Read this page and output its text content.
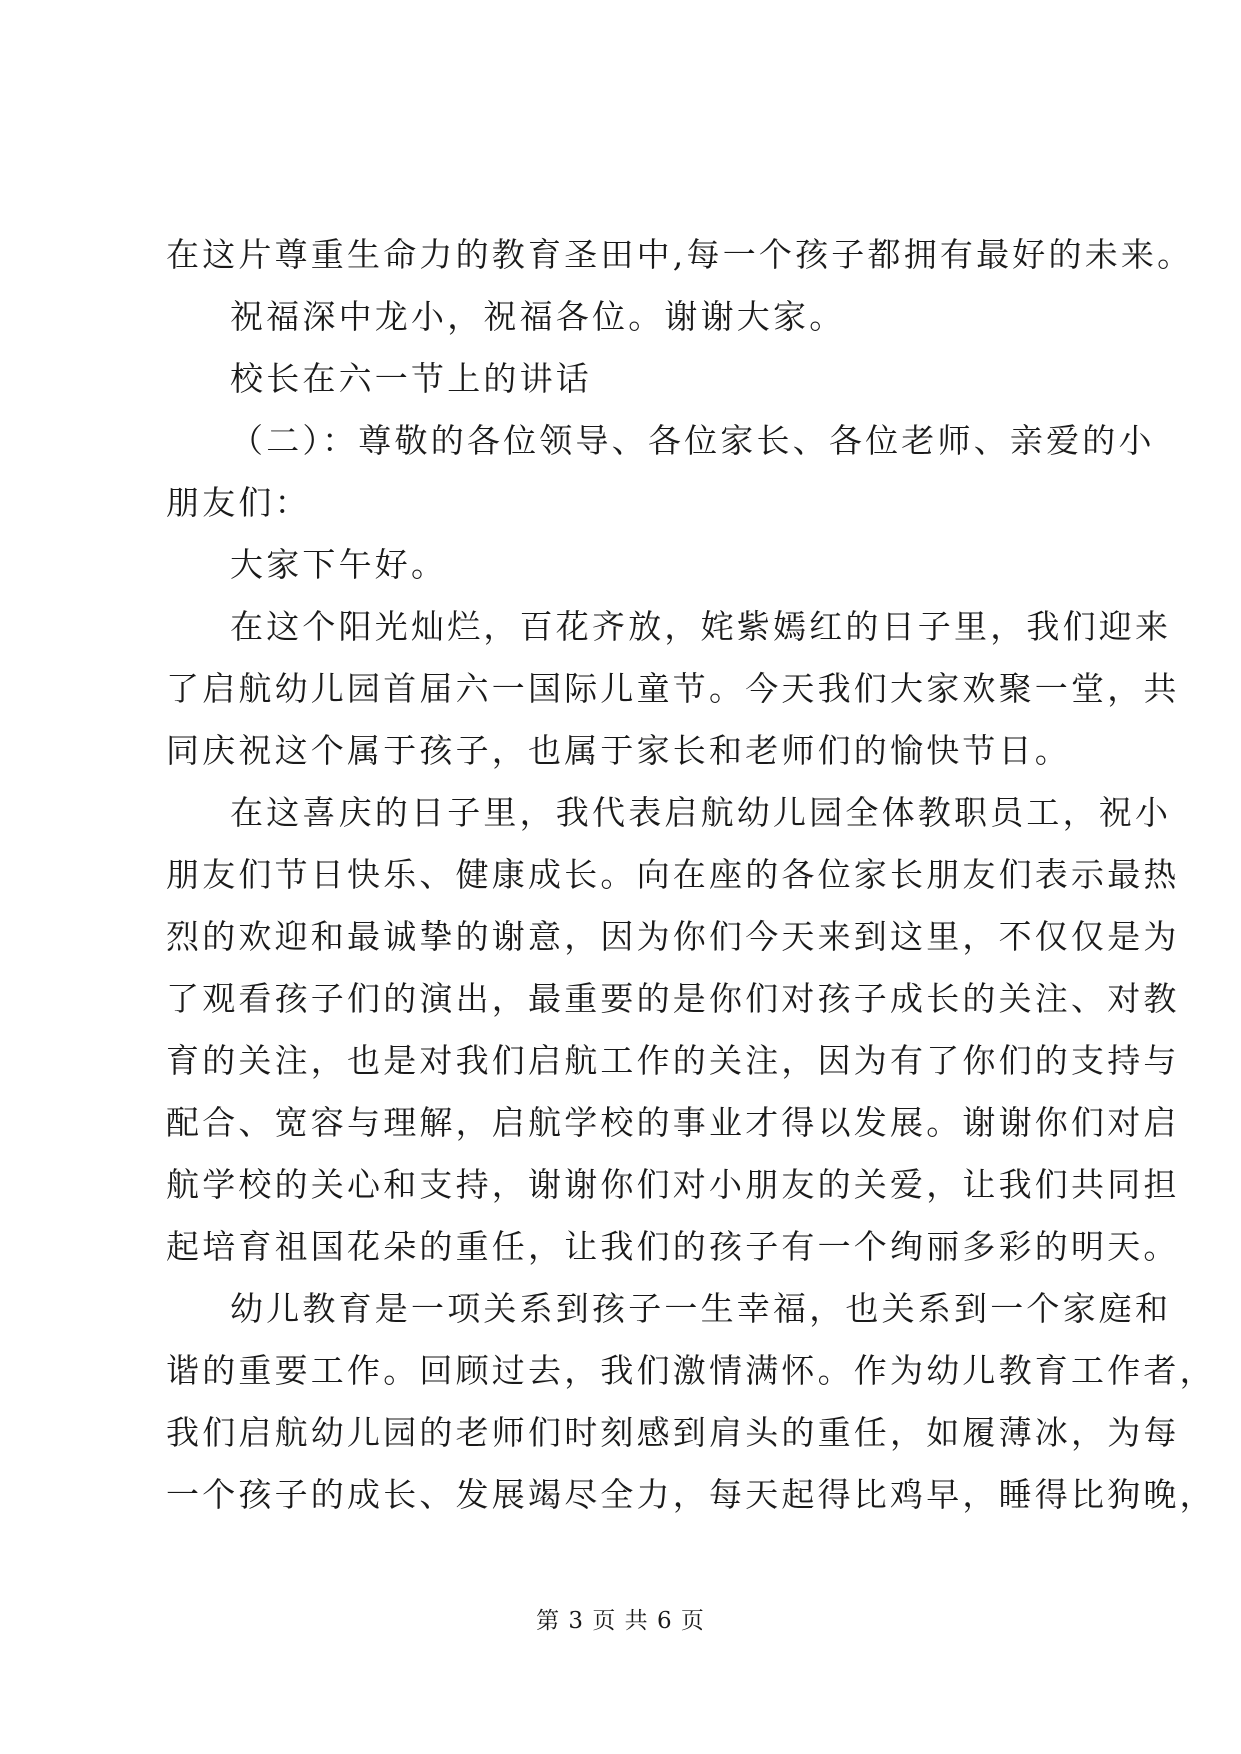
在这片尊重生命力的教育圣田中,每一个孩子都拥有最好的未来。

祝福深中龙小，祝福各位。谢谢大家。

校长在六一节上的讲话

（二）：尊敬的各位领导、各位家长、各位老师、亲爱的小

朋友们：

大家下午好。

在这个阳光灿烂，百花齐放，姹紫嫣红的日子里，我们迎来

了启航幼儿园首届六一国际儿童节。今天我们大家欢聚一堂，共

同庆祝这个属于孩子，也属于家长和老师们的愉快节日。

在这喜庆的日子里，我代表启航幼儿园全体教职员工，祝小

朋友们节日快乐、健康成长。向在座的各位家长朋友们表示最热

烈的欢迎和最诚挚的谢意，因为你们今天来到这里，不仅仅是为

了观看孩子们的演出，最重要的是你们对孩子成长的关注、对教

育的关注，也是对我们启航工作的关注，因为有了你们的支持与

配合、宽容与理解，启航学校的事业才得以发展。谢谢你们对启

航学校的关心和支持，谢谢你们对小朋友的关爱，让我们共同担

起培育祖国花朵的重任，让我们的孩子有一个绚丽多彩的明天。

幼儿教育是一项关系到孩子一生幸福，也关系到一个家庭和

谐的重要工作。回顾过去，我们激情满怀。作为幼儿教育工作者，

我们启航幼儿园的老师们时刻感到肩头的重任，如履薄冰，为每

一个孩子的成长、发展竭尽全力，每天起得比鸡早，睡得比狗晚，

第 3 页 共 6 页
